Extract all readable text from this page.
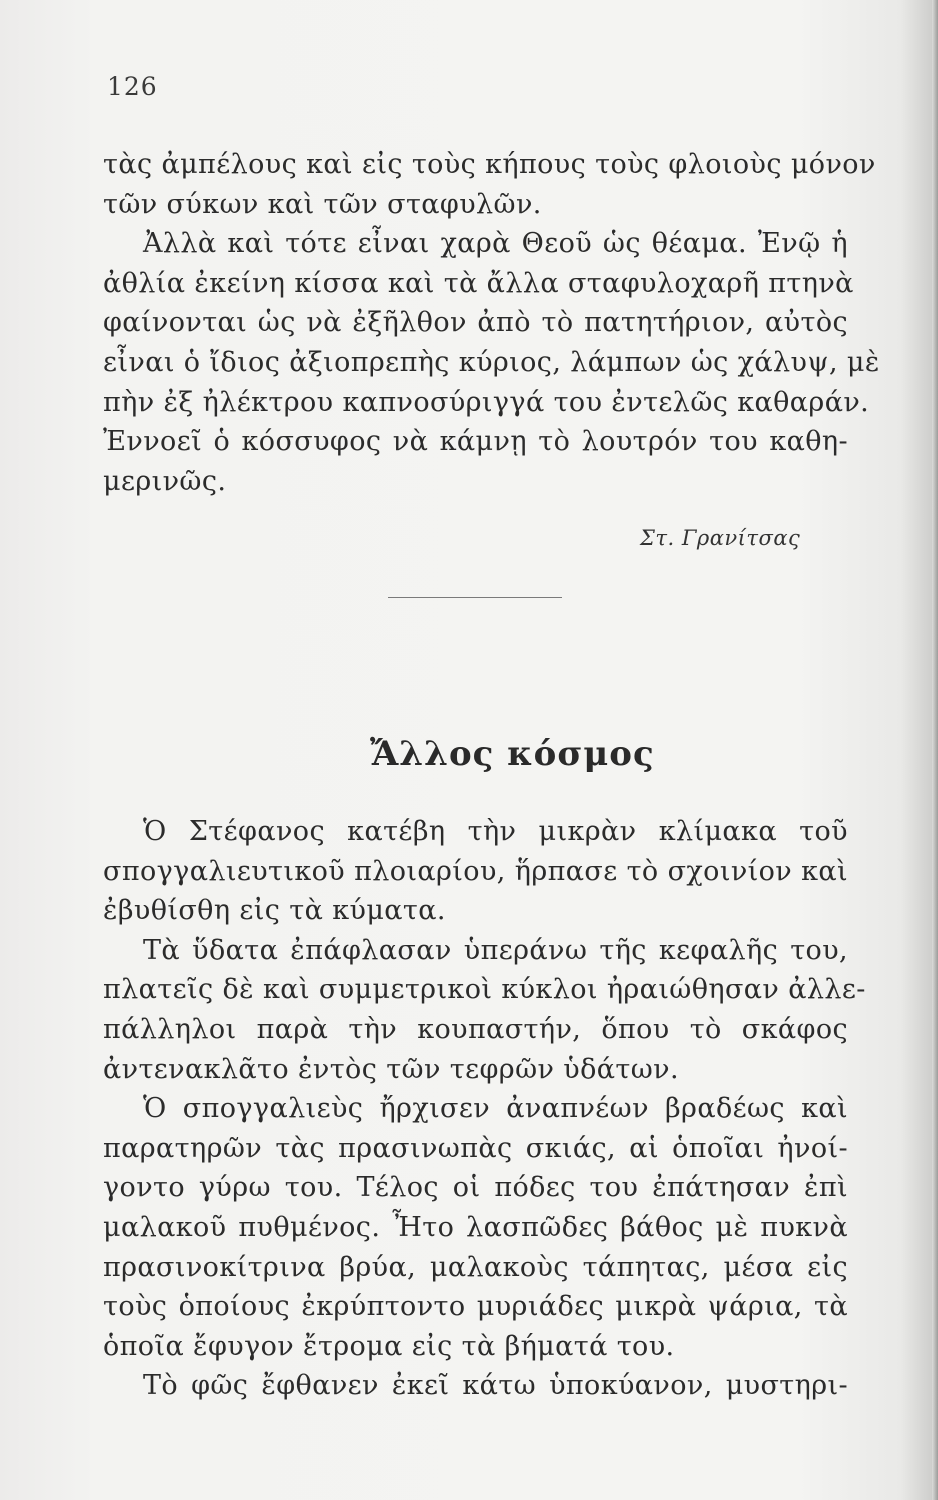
126
τὰς ἀμπέλους καὶ εἰς τοὺς κήπους τοὺς φλοιοὺς μόνον
τῶν σύκων καὶ τῶν σταφυλῶν.
Ἀλλὰ καὶ τότε εἶναι χαρὰ Θεοῦ ὡς θέαμα. Ἐνῷ ἡ
ἀθλία ἐκείνη κίσσα καὶ τὰ ἄλλα σταφυλοχαρῆ πτηνὰ
φαίνονται ὡς νὰ ἐξῆλθον ἀπὸ τὸ πατητήριον, αὐτὸς
εἶναι ὁ ἴδιος ἀξιοπρεπὴς κύριος, λάμπων ὡς χάλυψ, μὲ
πὴν ἐξ ἠλέκτρου καπνοσύριγγά του ἐντελῶς καθαράν.
Ἐννοεῖ ὁ κόσσυφος νὰ κάμνῃ τὸ λουτρόν του καθη-
μερινῶς.
Στ. Γρανίτσας
Ἄλλος κόσμος
Ὁ Στέφανος κατέβη τὴν μικρὰν κλίμακα τοῦ
σπογγαλιευτικοῦ πλοιαρίου, ἥρπασε τὸ σχοινίον καὶ
ἐβυθίσθη εἰς τὰ κύματα.
Τὰ ὕδατα ἐπάφλασαν ὑπεράνω τῆς κεφαλῆς του,
πλατεῖς δὲ καὶ συμμετρικοὶ κύκλοι ἠραιώθησαν ἀλλε-
πάλληλοι παρὰ τὴν κουπαστήν, ὅπου τὸ σκάφος
ἀντενακλᾶτο ἐντὸς τῶν τεφρῶν ὑδάτων.
Ὁ σπογγαλιεὺς ἤρχισεν ἀναπνέων βραδέως καὶ
παρατηρῶν τὰς πρασινωπὰς σκιάς, αἱ ὁποῖαι ἠνοί-
γοντο γύρω του. Τέλος οἱ πόδες του ἐπάτησαν ἐπὶ
μαλακοῦ πυθμένος. Ἦτο λασπῶδες βάθος μὲ πυκνὰ
πρασινοκίτρινα βρύα, μαλακοὺς τάπητας, μέσα εἰς
τοὺς ὁποίους ἐκρύπτοντο μυριάδες μικρὰ ψάρια, τὰ
ὁποῖα ἔφυγον ἔτρομα εἰς τὰ βήματά του.
Τὸ φῶς ἔφθανεν ἐκεῖ κάτω ὑποκύανον, μυστηρι-
